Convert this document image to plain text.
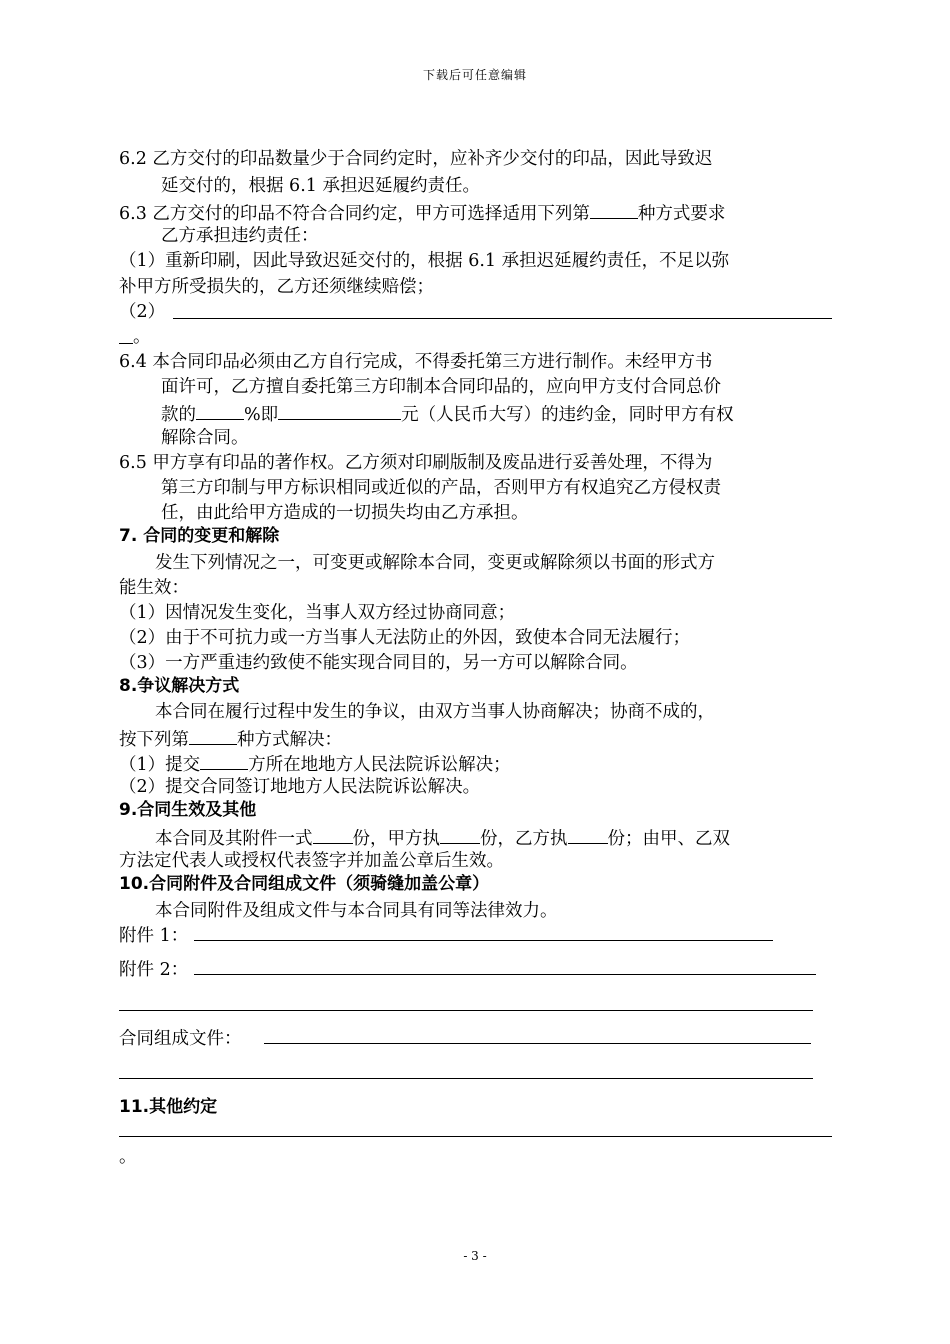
下载后可任意编辑
6.2 乙方交付的印品数量少于合同约定时，应补齐少交付的印品，因此导致迟
延交付的，根据 6.1 承担迟延履约责任。
6.3 乙方交付的印品不符合合同约定，甲方可选择适用下列第	种方式要求
乙方承担违约责任：
（1）重新印刷，因此导致迟延交付的，根据 6.1 承担迟延履约责任，不足以弥
补甲方所受损失的，乙方还须继续赔偿；
（2）
。
6.4 本合同印品必须由乙方自行完成，不得委托第三方进行制作。未经甲方书
面许可，乙方擅自委托第三方印制本合同印品的，应向甲方支付合同总价
款的	%即	元（人民币大写）的违约金，同时甲方有权
解除合同。
6.5 甲方享有印品的著作权。乙方须对印刷版制及废品进行妥善处理，不得为
第三方印制与甲方标识相同或近似的产品，否则甲方有权追究乙方侵权责
任，由此给甲方造成的一切损失均由乙方承担。
7. 合同的变更和解除
发生下列情况之一，可变更或解除本合同，变更或解除须以书面的形式方
能生效：
（1）因情况发生变化，当事人双方经过协商同意；
（2）由于不可抗力或一方当事人无法防止的外因，致使本合同无法履行；
（3）一方严重违约致使不能实现合同目的，另一方可以解除合同。
8.争议解决方式
本合同在履行过程中发生的争议，由双方当事人协商解决；协商不成的，
按下列第	种方式解决：
（1）提交	方所在地地方人民法院诉讼解决；
（2）提交合同签订地地方人民法院诉讼解决。
9.合同生效及其他
本合同及其附件一式 份，甲方执 份，乙方执 份；由甲、乙双
方法定代表人或授权代表签字并加盖公章后生效。
10.合同附件及合同组成文件（须骑缝加盖公章）
本合同附件及组成文件与本合同具有同等法律效力。
附件 1：
附件 2：
合同组成文件：
11.其他约定
。
- 3 -
